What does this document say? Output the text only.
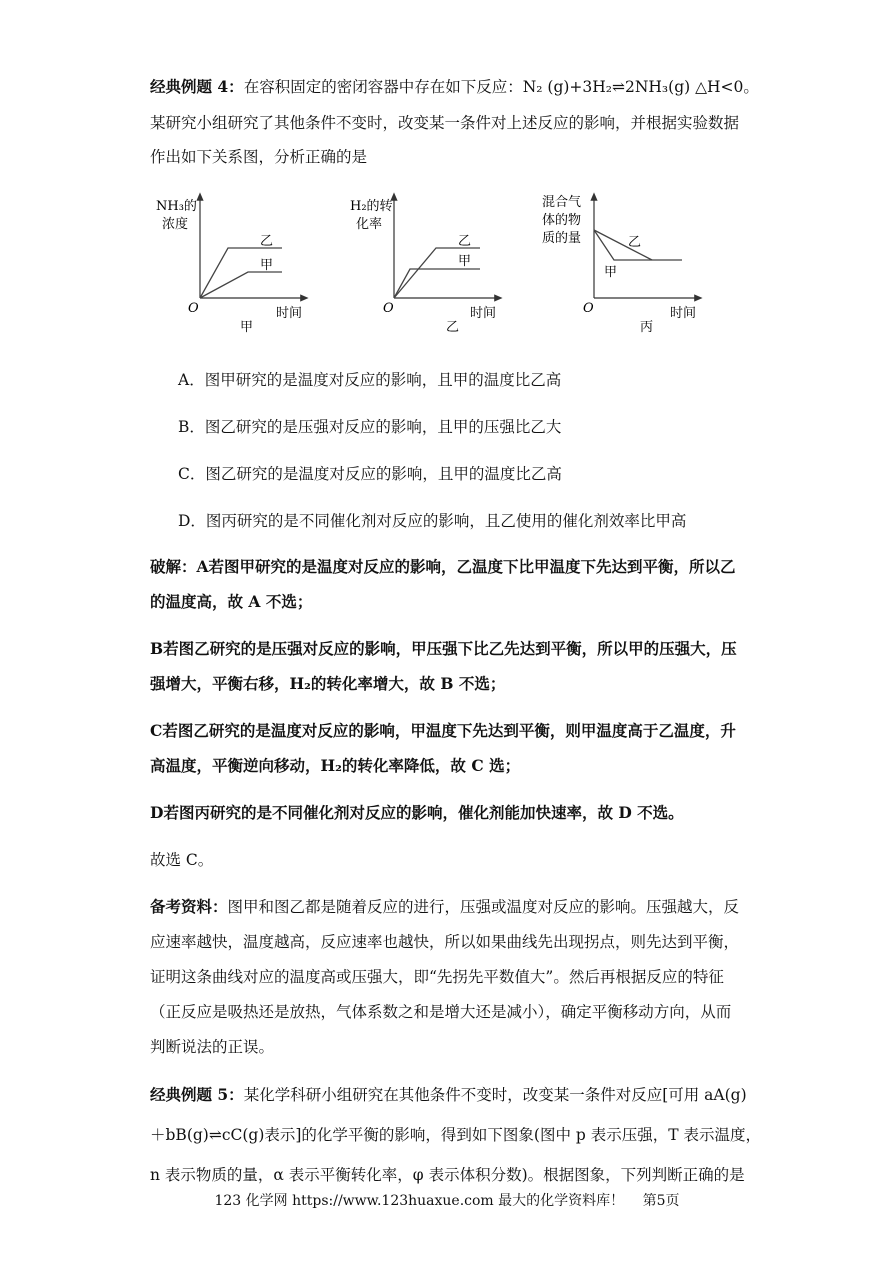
经典例题 4：在容积固定的密闭容器中存在如下反应：N₂ (g)+3H₂⇌2NH₃(g) △H<0。
某研究小组研究了其他条件不变时，改变某一条件对上述反应的影响，并根据实验数据
作出如下关系图，分析正确的是
NH₃的
浓度
O	时间
甲
乙
甲
H₂的转
化率
O	时间
乙
乙
甲
混合气
体的物
质的量
O	时间
丙
乙
甲
A．图甲研究的是温度对反应的影响，且甲的温度比乙高
B．图乙研究的是压强对反应的影响，且甲的压强比乙大
C．图乙研究的是温度对反应的影响，且甲的温度比乙高
D．图丙研究的是不同催化剂对反应的影响，且乙使用的催化剂效率比甲高
破解：A若图甲研究的是温度对反应的影响，乙温度下比甲温度下先达到平衡，所以乙
的温度高，故 A 不选；
B若图乙研究的是压强对反应的影响，甲压强下比乙先达到平衡，所以甲的压强大，压
强增大，平衡右移，H₂的转化率增大，故 B 不选；
C若图乙研究的是温度对反应的影响，甲温度下先达到平衡，则甲温度高于乙温度，升
高温度，平衡逆向移动，H₂的转化率降低，故 C 选；
D若图丙研究的是不同催化剂对反应的影响，催化剂能加快速率，故 D 不选。
故选 C。
备考资料：图甲和图乙都是随着反应的进行，压强或温度对反应的影响。压强越大，反
应速率越快，温度越高，反应速率也越快，所以如果曲线先出现拐点，则先达到平衡，
证明这条曲线对应的温度高或压强大，即“先拐先平数值大”。然后再根据反应的特征
（正反应是吸热还是放热，气体系数之和是增大还是减小），确定平衡移动方向，从而
判断说法的正误。
经典例题 5：某化学科研小组研究在其他条件不变时，改变某一条件对反应[可用 aA(g)
＋bB(g)⇌cC(g)表示]的化学平衡的影响，得到如下图象(图中 p 表示压强，T 表示温度，
n 表示物质的量，α 表示平衡转化率，φ 表示体积分数)。根据图象，下列判断正确的是
123 化学网 https://www.123huaxue.com 最大的化学资料库！　 第5页
